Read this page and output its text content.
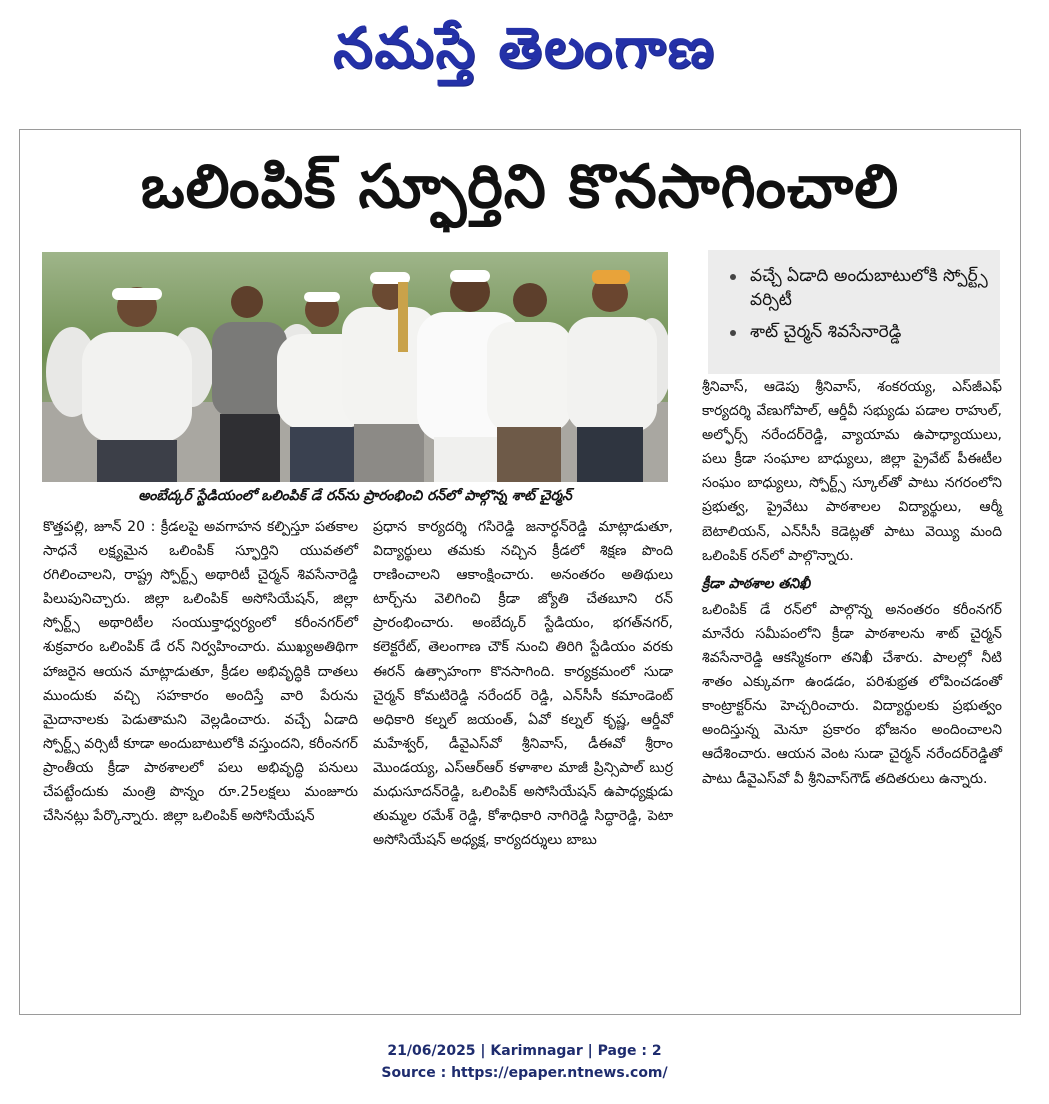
నమస్తే తెలంగాణ
ఒలింపిక్ స్ఫూర్తిని కొనసాగించాలి
అంబేద్కర్ స్టేడియంలో ఒలింపిక్ డే రన్‌ను ప్రారంభించి రన్‌లో పాల్గొన్న శాట్ చైర్మన్
వచ్చే ఏడాది అందుబాటులోకి స్పోర్ట్స్ వర్సిటీ
శాట్ చైర్మన్ శివసేనారెడ్డి

కొత్తపల్లి, జూన్ 20 : క్రీడలపై అవగాహన కల్పిస్తూ పతకాల సాధనే లక్ష్యమైన ఒలింపిక్ స్ఫూర్తిని యువతలో రగిలించాలని, రాష్ట్ర స్పోర్ట్స్ అథారిటీ చైర్మన్ శివసేనారెడ్డి పిలుపునిచ్చారు. జిల్లా ఒలింపిక్ అసోసియేషన్, జిల్లా స్పోర్ట్స్ అథారిటీల సంయుక్తాధ్వర్యంలో కరీంనగర్‌లో శుక్రవారం ఒలింపిక్ డే రన్ నిర్వహించారు. ముఖ్యఅతిథిగా హాజరైన ఆయన మాట్లాడుతూ, క్రీడల అభివృద్ధికి దాతలు ముందుకు వచ్చి సహకారం అందిస్తే వారి పేరును మైదానాలకు పెడుతామని వెల్లడించారు. వచ్చే ఏడాది స్పోర్ట్స్ వర్సిటీ కూడా అందుబాటులోకి వస్తుందని, కరీంనగర్ ప్రాంతీయ క్రీడా పాఠశాలలో పలు అభివృద్ధి పనులు చేపట్టేందుకు మంత్రి పొన్నం రూ.25లక్షలు మంజూరు చేసినట్లు పేర్కొన్నారు. జిల్లా ఒలింపిక్ అసోసియేషన్

ప్రధాన కార్యదర్శి గసిరెడ్డి జనార్ధన్‌రెడ్డి మాట్లాడుతూ, విద్యార్థులు తమకు నచ్చిన క్రీడలో శిక్షణ పొంది రాణించాలని ఆకాంక్షించారు. అనంతరం అతిథులు టార్చ్‌ను వెలిగించి క్రీడా జ్యోతి చేతబూని రన్ ప్రారంభించారు. అంబేద్కర్ స్టేడియం, భగత్‌నగర్, కలెక్టరేట్, తెలంగాణ చౌక్ నుంచి తిరిగి స్టేడియం వరకు ఈరన్ ఉత్సాహంగా కొనసాగింది. కార్యక్రమంలో సుడా చైర్మన్ కోమటిరెడ్డి నరేందర్ రెడ్డి, ఎన్‌సీసీ కమాండెంట్ అధికారి కల్నల్ జయంత్, ఏవో కల్నల్ కృష్ణ, ఆర్డీవో మహేశ్వర్, డీవైఎస్‌వో శ్రీనివాస్, డీఈవో శ్రీరాం మొండయ్య, ఎస్ఆర్ఆర్ కళాశాల మాజీ ప్రిన్సిపాల్ బుర్ర మధుసూదన్‌రెడ్డి, ఒలింపిక్ అసోసియేషన్ ఉపాధ్యక్షుడు తుమ్మల రమేశ్ రెడ్డి, కోశాధికారి నాగిరెడ్డి సిద్ధారెడ్డి, పెటా అసోసియేషన్ అధ్యక్ష, కార్యదర్శులు బాబు

శ్రీనివాస్, ఆడెపు శ్రీనివాస్, శంకరయ్య, ఎస్‌జీఎఫ్ కార్యదర్శి వేణుగోపాల్, ఆర్డీవీ సభ్యుడు పడాల రాహుల్, అల్ఫోర్స్ నరేందర్‌రెడ్డి, వ్యాయామ ఉపాధ్యాయులు, పలు క్రీడా సంఘాల బాధ్యులు, జిల్లా ప్రైవేట్ పీఈటీల సంఘం బాధ్యులు, స్పోర్ట్స్ స్కూల్‌తో పాటు నగరంలోని ప్రభుత్వ, ప్రైవేటు పాఠశాలల విద్యార్థులు, ఆర్మీ బెటాలియన్, ఎన్‌సీసీ కెడెట్లతో పాటు వెయ్యి మంది ఒలింపిక్ రన్‌లో పాల్గొన్నారు.

క్రీడా పాఠశాల తనిఖీ

ఒలింపిక్ డే రన్‌లో పాల్గొన్న అనంతరం కరీంనగర్ మానేరు సమీపంలోని క్రీడా పాఠశాలను శాట్ చైర్మన్ శివసేనారెడ్డి ఆకస్మికంగా తనిఖీ చేశారు. పాలల్లో నీటి శాతం ఎక్కువగా ఉండడం, పరిశుభ్రత లోపించడంతో కాంట్రాక్టర్‌ను హెచ్చరించారు. విద్యార్థులకు ప్రభుత్వం అందిస్తున్న మెనూ ప్రకారం భోజనం అందించాలని ఆదేశించారు. ఆయన వెంట సుడా చైర్మన్ నరేందర్‌రెడ్డితో పాటు డీవైఎస్‌వో వీ శ్రీనివాస్‌గౌడ్ తదితరులు ఉన్నారు.

21/06/2025 | Karimnagar | Page : 2
Source : https://epaper.ntnews.com/
